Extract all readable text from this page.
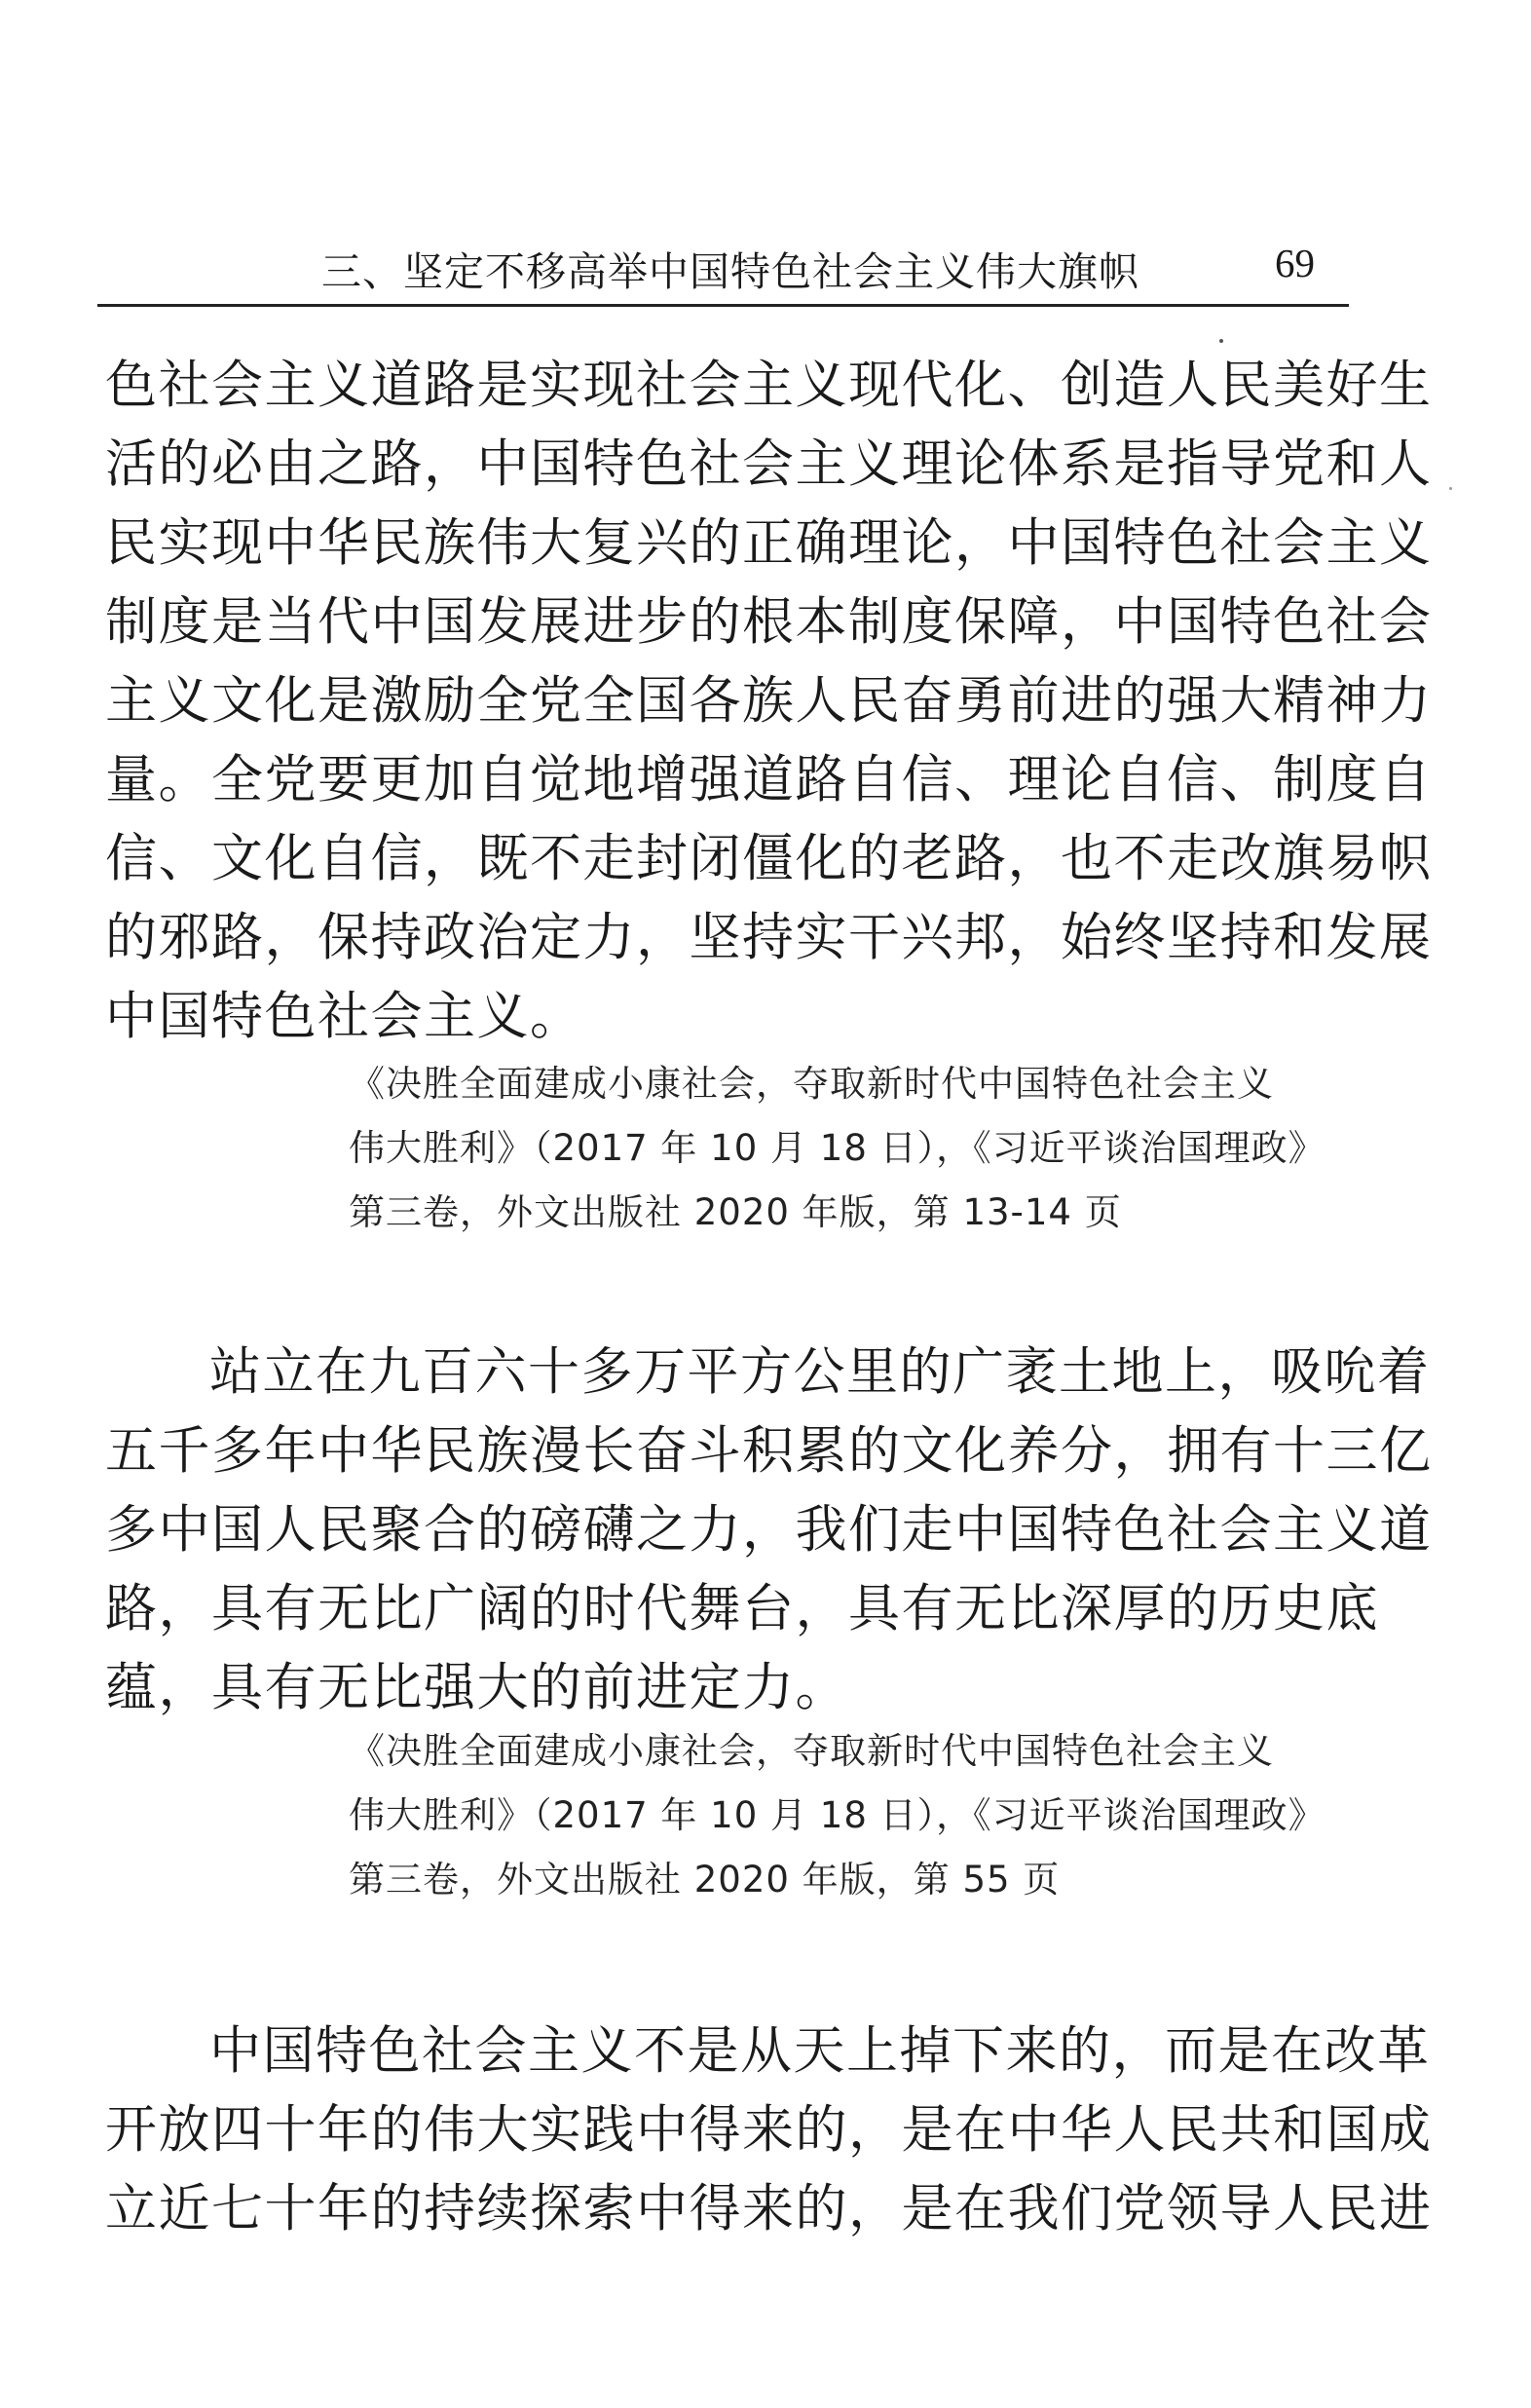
三、坚定不移高举中国特色社会主义伟大旗帜	69
色社会主义道路是实现社会主义现代化、创造人民美好生
活的必由之路，中国特色社会主义理论体系是指导党和人
民实现中华民族伟大复兴的正确理论，中国特色社会主义
制度是当代中国发展进步的根本制度保障，中国特色社会
主义文化是激励全党全国各族人民奋勇前进的强大精神力
量。全党要更加自觉地增强道路自信、理论自信、制度自
信、文化自信，既不走封闭僵化的老路，也不走改旗易帜
的邪路，保持政治定力，坚持实干兴邦，始终坚持和发展
中国特色社会主义。
《决胜全面建成小康社会，夺取新时代中国特色社会主义
伟大胜利》（2017 年 10 月 18 日），《习近平谈治国理政》
第三卷，外文出版社 2020 年版，第 13-14 页
站立在九百六十多万平方公里的广袤土地上，吸吮着
五千多年中华民族漫长奋斗积累的文化养分，拥有十三亿
多中国人民聚合的磅礴之力，我们走中国特色社会主义道
路，具有无比广阔的时代舞台，具有无比深厚的历史底
蕴，具有无比强大的前进定力。
《决胜全面建成小康社会，夺取新时代中国特色社会主义
伟大胜利》（2017 年 10 月 18 日），《习近平谈治国理政》
第三卷，外文出版社 2020 年版，第 55 页
中国特色社会主义不是从天上掉下来的，而是在改革
开放四十年的伟大实践中得来的，是在中华人民共和国成
立近七十年的持续探索中得来的，是在我们党领导人民进
